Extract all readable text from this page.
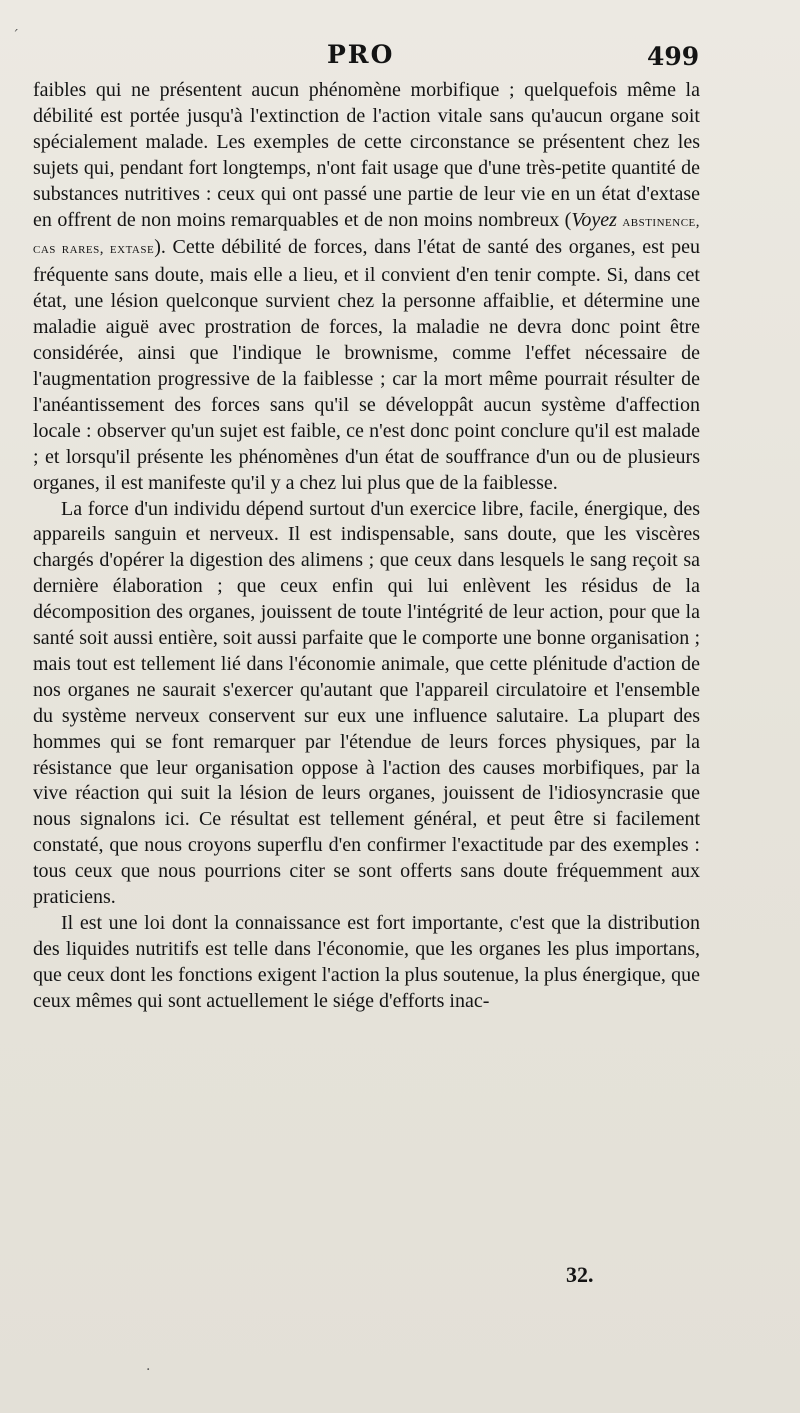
PRO	499

faibles qui ne présentent aucun phénomène morbifique ; quelquefois même la débilité est portée jusqu'à l'extinction de l'action vitale sans qu'aucun organe soit spécialement malade. Les exemples de cette circonstance se présentent chez les sujets qui, pendant fort longtemps, n'ont fait usage que d'une très-petite quantité de substances nutritives : ceux qui ont passé une partie de leur vie en un état d'extase en offrent de non moins remarquables et de non moins nombreux (Voyez abstinence, cas rares, extase). Cette débilité de forces, dans l'état de santé des organes, est peu fréquente sans doute, mais elle a lieu, et il convient d'en tenir compte. Si, dans cet état, une lésion quelconque survient chez la personne affaiblie, et détermine une maladie aiguë avec prostration de forces, la maladie ne devra donc point être considérée, ainsi que l'indique le brownisme, comme l'effet nécessaire de l'augmentation progressive de la faiblesse ; car la mort même pourrait résulter de l'anéantissement des forces sans qu'il se développât aucun système d'affection locale : observer qu'un sujet est faible, ce n'est donc point conclure qu'il est malade ; et lorsqu'il présente les phénomènes d'un état de souffrance d'un ou de plusieurs organes, il est manifeste qu'il y a chez lui plus que de la faiblesse.

La force d'un individu dépend surtout d'un exercice libre, facile, énergique, des appareils sanguin et nerveux. Il est indispensable, sans doute, que les viscères chargés d'opérer la digestion des alimens ; que ceux dans lesquels le sang reçoit sa dernière élaboration ; que ceux enfin qui lui enlèvent les résidus de la décomposition des organes, jouissent de toute l'intégrité de leur action, pour que la santé soit aussi entière, soit aussi parfaite que le comporte une bonne organisation ; mais tout est tellement lié dans l'économie animale, que cette plénitude d'action de nos organes ne saurait s'exercer qu'autant que l'appareil circulatoire et l'ensemble du système nerveux conservent sur eux une influence salutaire. La plupart des hommes qui se font remarquer par l'étendue de leurs forces physiques, par la résistance que leur organisation oppose à l'action des causes morbifiques, par la vive réaction qui suit la lésion de leurs organes, jouissent de l'idiosyncrasie que nous signalons ici. Ce résultat est tellement général, et peut être si facilement constaté, que nous croyons superflu d'en confirmer l'exactitude par des exemples : tous ceux que nous pourrions citer se sont offerts sans doute fréquemment aux praticiens.

Il est une loi dont la connaissance est fort importante, c'est que la distribution des liquides nutritifs est telle dans l'économie, que les organes les plus importans, que ceux dont les fonctions exigent l'action la plus soutenue, la plus énergique, que ceux mêmes qui sont actuellement le siége d'efforts inac-

32.
´
·
